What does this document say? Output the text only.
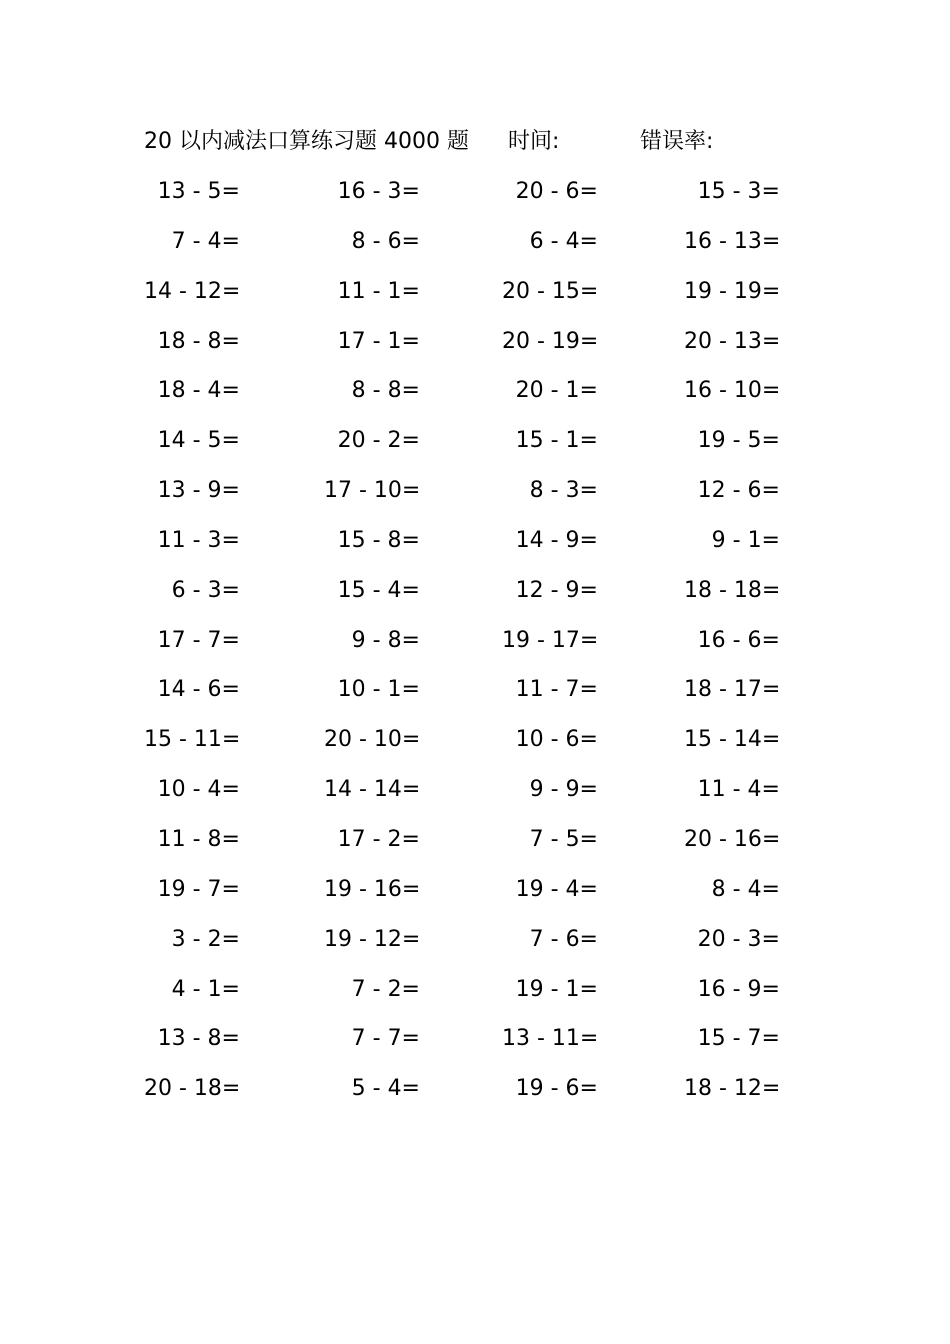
20 以内减法口算练习题 4000 题 时间:	错误率:
13 - 5=	16 - 3=	20 - 6=	15 - 3=
7 - 4=	8 - 6=	6 - 4=	16 - 13=
14 - 12=	11 - 1=	20 - 15=	19 - 19=
18 - 8=	17 - 1=	20 - 19=	20 - 13=
18 - 4=	8 - 8=	20 - 1=	16 - 10=
14 - 5=	20 - 2=	15 - 1=	19 - 5=
13 - 9=	17 - 10=	8 - 3=	12 - 6=
11 - 3=	15 - 8=	14 - 9=	9 - 1=
6 - 3=	15 - 4=	12 - 9=	18 - 18=
17 - 7=	9 - 8=	19 - 17=	16 - 6=
14 - 6=	10 - 1=	11 - 7=	18 - 17=
15 - 11=	20 - 10=	10 - 6=	15 - 14=
10 - 4=	14 - 14=	9 - 9=	11 - 4=
11 - 8=	17 - 2=	7 - 5=	20 - 16=
19 - 7=	19 - 16=	19 - 4=	8 - 4=
3 - 2=	19 - 12=	7 - 6=	20 - 3=
4 - 1=	7 - 2=	19 - 1=	16 - 9=
13 - 8=	7 - 7=	13 - 11=	15 - 7=
20 - 18=	5 - 4=	19 - 6=	18 - 12=
